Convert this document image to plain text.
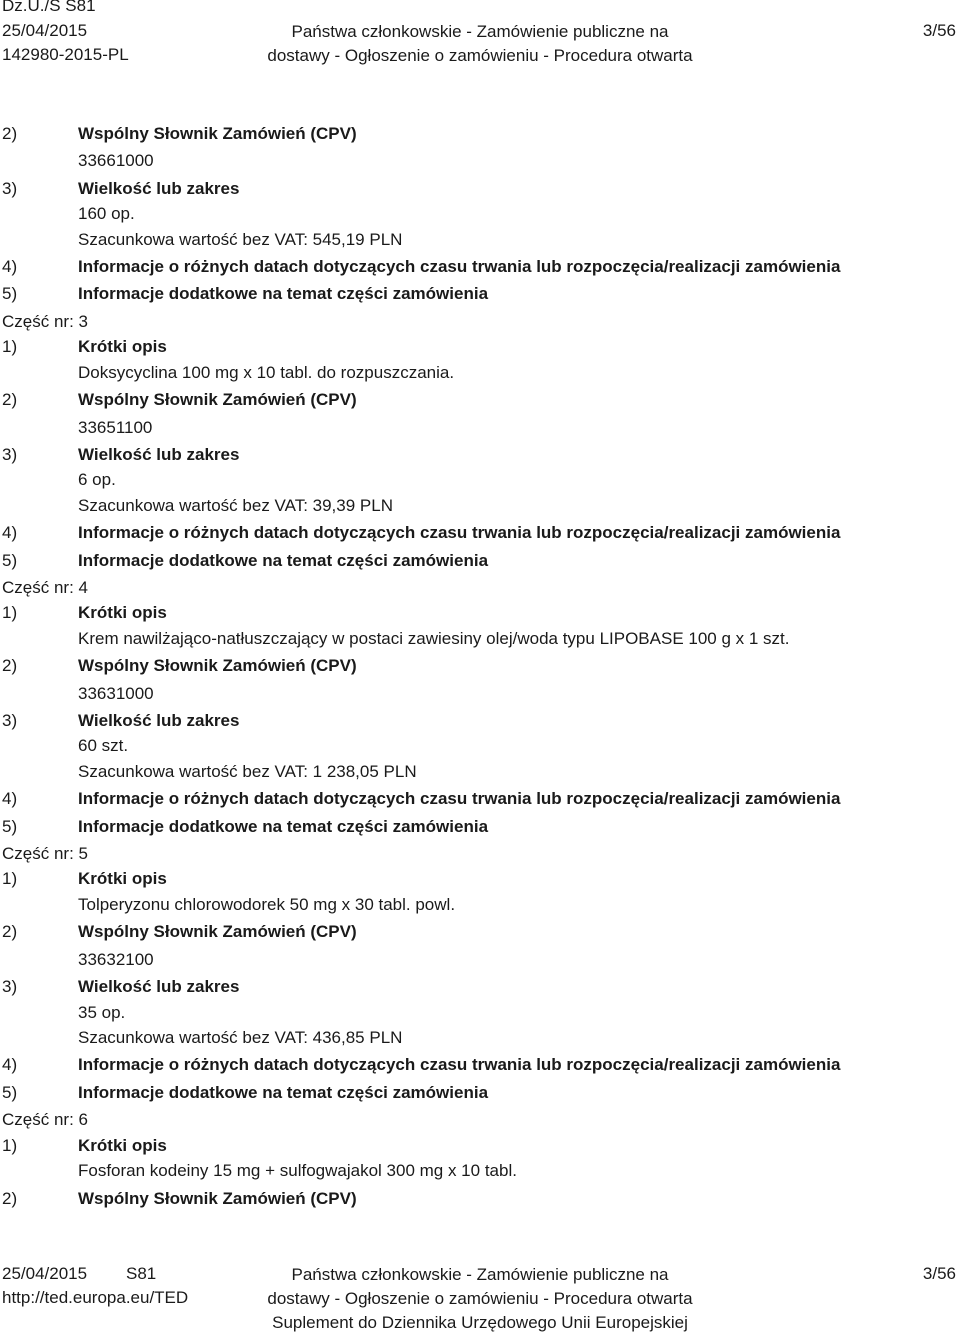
Dz.U./S S81
25/04/2015
142980-2015-PL
Państwa członkowskie - Zamówienie publiczne na
dostawy - Ogłoszenie o zamówieniu - Procedura otwarta
3/56
2)	Wspólny Słownik Zamówień (CPV)
33661000
3)	Wielkość lub zakres
160 op.
Szacunkowa wartość bez VAT: 545,19 PLN
4)	Informacje o różnych datach dotyczących czasu trwania lub rozpoczęcia/realizacji zamówienia
5)	Informacje dodatkowe na temat części zamówienia
Część nr: 3
1)	Krótki opis
Doksycyclina 100 mg x 10 tabl. do rozpuszczania.
2)	Wspólny Słownik Zamówień (CPV)
33651100
3)	Wielkość lub zakres
6 op.
Szacunkowa wartość bez VAT: 39,39 PLN
4)	Informacje o różnych datach dotyczących czasu trwania lub rozpoczęcia/realizacji zamówienia
5)	Informacje dodatkowe na temat części zamówienia
Część nr: 4
1)	Krótki opis
Krem nawilżająco-natłuszczający w postaci zawiesiny olej/woda typu LIPOBASE 100 g x 1 szt.
2)	Wspólny Słownik Zamówień (CPV)
33631000
3)	Wielkość lub zakres
60 szt.
Szacunkowa wartość bez VAT: 1 238,05 PLN
4)	Informacje o różnych datach dotyczących czasu trwania lub rozpoczęcia/realizacji zamówienia
5)	Informacje dodatkowe na temat części zamówienia
Część nr: 5
1)	Krótki opis
Tolperyzonu chlorowodorek 50 mg x 30 tabl. powl.
2)	Wspólny Słownik Zamówień (CPV)
33632100
3)	Wielkość lub zakres
35 op.
Szacunkowa wartość bez VAT: 436,85 PLN
4)	Informacje o różnych datach dotyczących czasu trwania lub rozpoczęcia/realizacji zamówienia
5)	Informacje dodatkowe na temat części zamówienia
Część nr: 6
1)	Krótki opis
Fosforan kodeiny 15 mg + sulfogwajakol 300 mg x 10 tabl.
2)	Wspólny Słownik Zamówień (CPV)
25/04/2015 S81
http://ted.europa.eu/TED
Państwa członkowskie - Zamówienie publiczne na
dostawy - Ogłoszenie o zamówieniu - Procedura otwarta
Suplement do Dziennika Urzędowego Unii Europejskiej
3/56
